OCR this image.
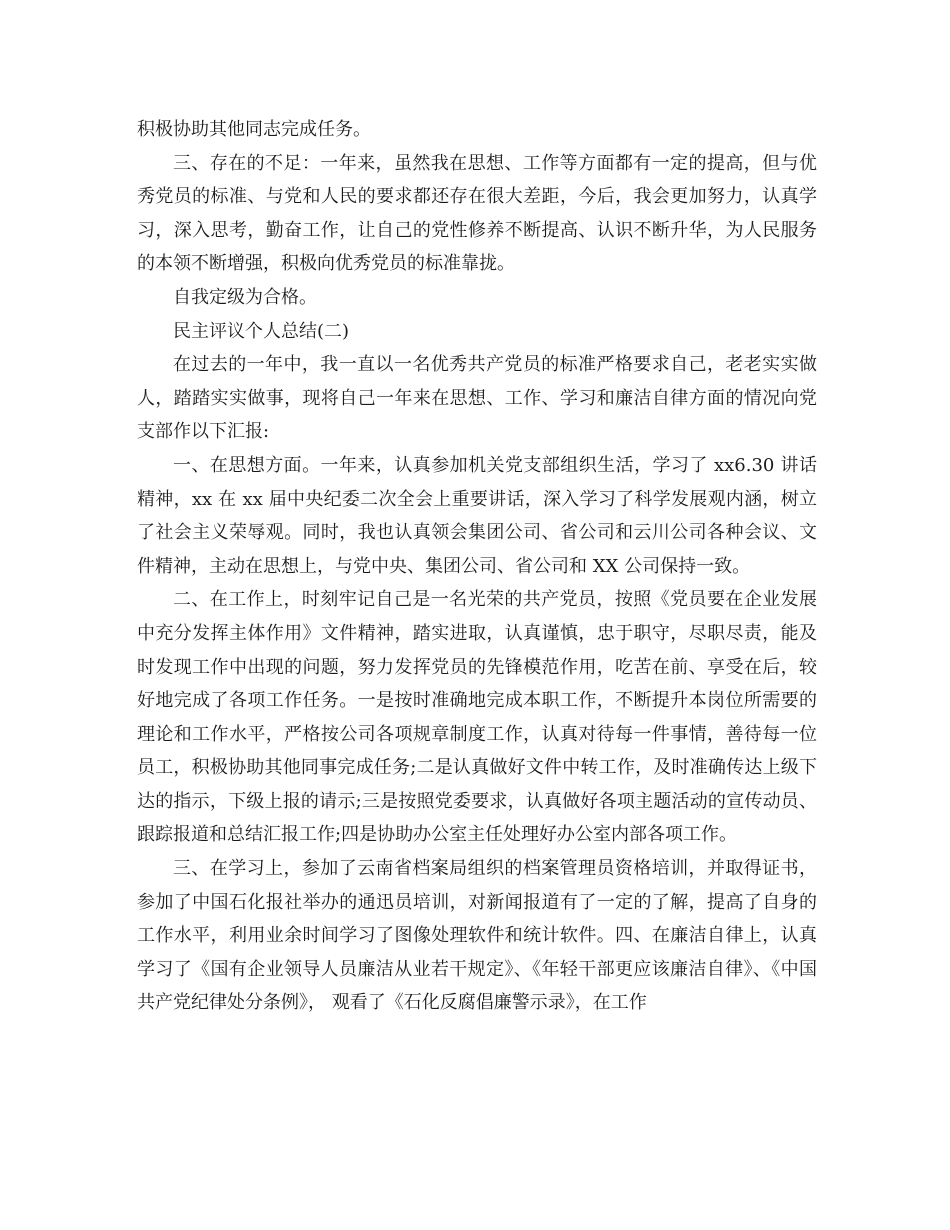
积极协助其他同志完成任务。

三、存在的不足：一年来，虽然我在思想、工作等方面都有一定的提高，但与优秀党员的标准、与党和人民的要求都还存在很大差距，今后，我会更加努力，认真学习，深入思考，勤奋工作，让自己的党性修养不断提高、认识不断升华，为人民服务的本领不断增强，积极向优秀党员的标准靠拢。

自我定级为合格。

民主评议个人总结(二)

在过去的一年中，我一直以一名优秀共产党员的标准严格要求自己，老老实实做人，踏踏实实做事，现将自己一年来在思想、工作、学习和廉洁自律方面的情况向党支部作以下汇报:

一、在思想方面。一年来，认真参加机关党支部组织生活，学习了 xx6.30 讲话精神，xx 在 xx 届中央纪委二次全会上重要讲话，深入学习了科学发展观内涵，树立了社会主义荣辱观。同时，我也认真领会集团公司、省公司和云川公司各种会议、文件精神，主动在思想上，与党中央、集团公司、省公司和 XX 公司保持一致。

二、在工作上，时刻牢记自己是一名光荣的共产党员，按照《党员要在企业发展中充分发挥主体作用》文件精神，踏实进取，认真谨慎，忠于职守，尽职尽责，能及时发现工作中出现的问题，努力发挥党员的先锋模范作用，吃苦在前、享受在后，较好地完成了各项工作任务。一是按时准确地完成本职工作，不断提升本岗位所需要的理论和工作水平，严格按公司各项规章制度工作，认真对待每一件事情，善待每一位员工，积极协助其他同事完成任务;二是认真做好文件中转工作，及时准确传达上级下达的指示，下级上报的请示;三是按照党委要求，认真做好各项主题活动的宣传动员、跟踪报道和总结汇报工作;四是协助办公室主任处理好办公室内部各项工作。

三、在学习上，参加了云南省档案局组织的档案管理员资格培训，并取得证书，参加了中国石化报社举办的通迅员培训，对新闻报道有了一定的了解，提高了自身的工作水平，利用业余时间学习了图像处理软件和统计软件。四、在廉洁自律上，认真学习了《国有企业领导人员廉洁从业若干规定》、《年轻干部更应该廉洁自律》、《中国共产党纪律处分条例》， 观看了《石化反腐倡廉警示录》，在工作
